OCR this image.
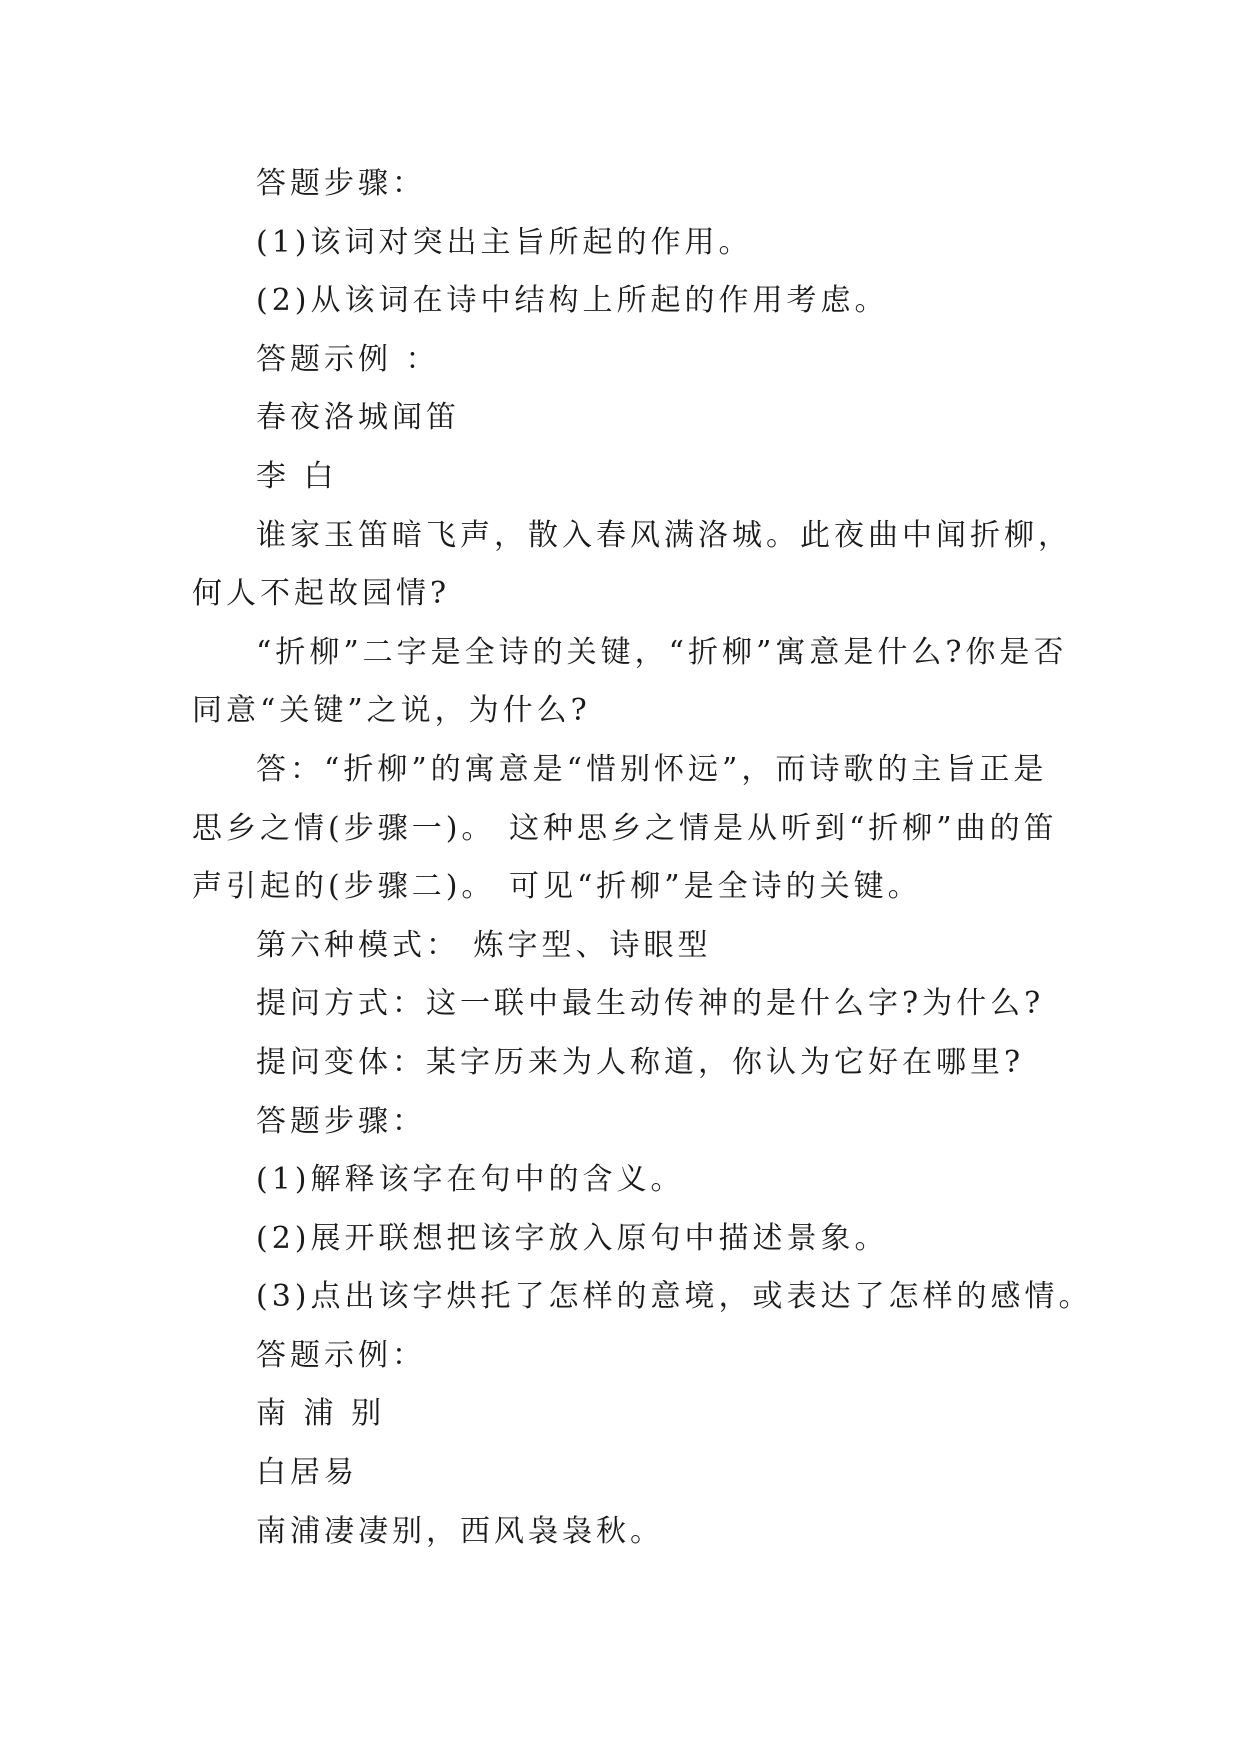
答题步骤：

(1)该词对突出主旨所起的作用。

(2)从该词在诗中结构上所起的作用考虑。

答题示例 ：

春夜洛城闻笛

李 白

谁家玉笛暗飞声，散入春风满洛城。此夜曲中闻折柳，何人不起故园情?

“折柳”二字是全诗的关键，“折柳”寓意是什么?你是否同意“关键”之说，为什么?

答：“折柳”的寓意是“惜别怀远”，而诗歌的主旨正是思乡之情(步骤一)。 这种思乡之情是从听到“折柳”曲的笛声引起的(步骤二)。 可见“折柳”是全诗的关键。

第六种模式： 炼字型、诗眼型

提问方式：这一联中最生动传神的是什么字?为什么?

提问变体：某字历来为人称道，你认为它好在哪里?

答题步骤：

(1)解释该字在句中的含义。

(2)展开联想把该字放入原句中描述景象。

(3)点出该字烘托了怎样的意境，或表达了怎样的感情。

答题示例：

南 浦 别

白居易

南浦凄凄别，西风袅袅秋。
